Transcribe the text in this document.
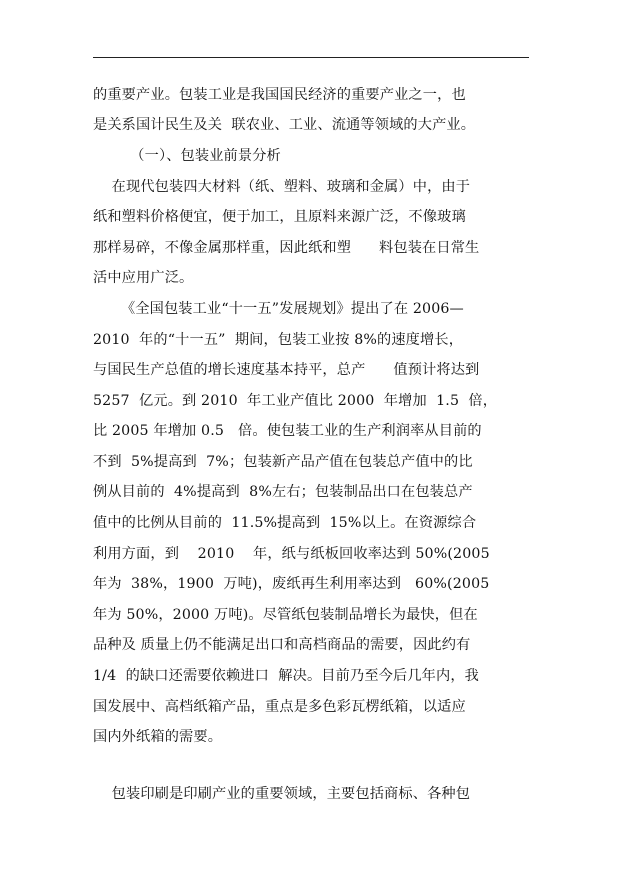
的重要产业。包装工业是我国国民经济的重要产业之一，也
是关系国计民生及关  联农业、工业、流通等领域的大产业。
（一）、包装业前景分析
在现代包装四大材料（纸、塑料、玻璃和金属）中，由于
纸和塑料价格便宜，便于加工，且原料来源广泛，不像玻璃
那样易碎，不像金属那样重，因此纸和塑      料包装在日常生
活中应用广泛。
《全国包装工业“十一五”发展规划》提出了在 2006—
2010  年的“十一五”  期间，包装工业按 8%的速度增长，
与国民生产总值的增长速度基本持平，总产      值预计将达到
5257  亿元。到 2010  年工业产值比 2000  年增加  1.5  倍，
比 2005 年增加 0.5   倍。使包装工业的生产利润率从目前的
不到  5%提高到  7%；包装新产品产值在包装总产值中的比
例从目前的  4%提高到  8%左右；包装制品出口在包装总产
值中的比例从目前的  11.5%提高到  15%以上。在资源综合
利用方面，到    2010    年，纸与纸板回收率达到 50%(2005
年为  38%，1900  万吨)，废纸再生利用率达到   60%(2005
年为 50%，2000 万吨)。尽管纸包装制品增长为最快，但在
品种及 质量上仍不能满足出口和高档商品的需要，因此约有
1/4  的缺口还需要依赖进口  解决。目前乃至今后几年内，我
国发展中、高档纸箱产品，重点是多色彩瓦楞纸箱，以适应
国内外纸箱的需要。
包装印刷是印刷产业的重要领域，主要包括商标、各种包
